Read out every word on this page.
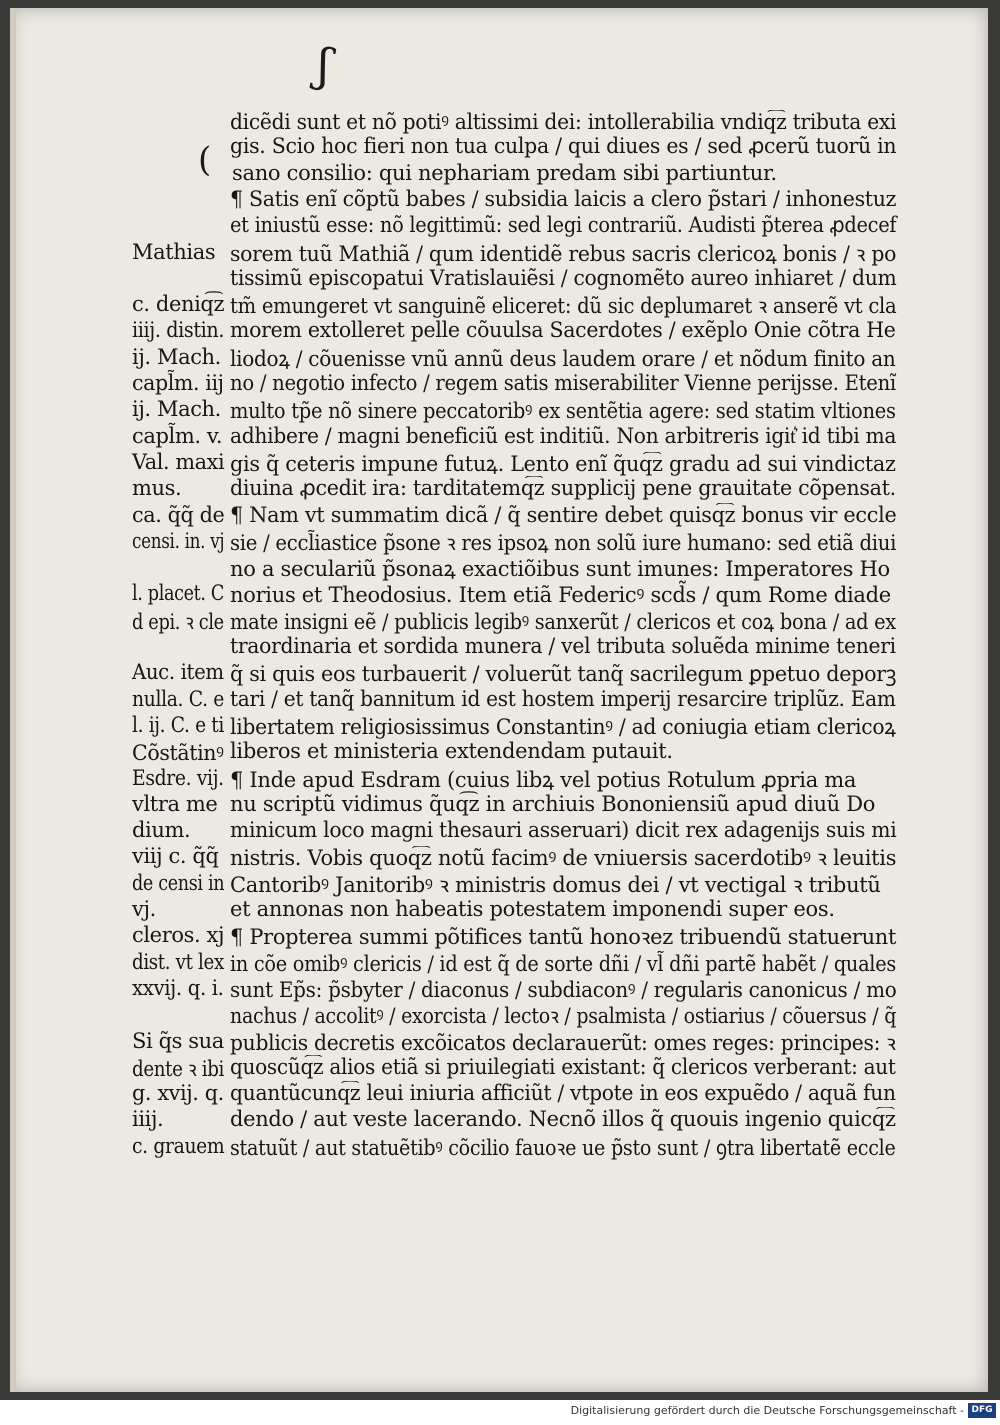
ʃ
(
dicẽdi sunt et nõ potiꝰ altissimi dei: intollerabilia vndiq͡z tributa exi
gis. Scio hoc fieri non tua culpa / qui diues es / sed ꝓcerũ tuorũ in
sano consilio: qui nephariam predam sibi partiuntur.
¶ Satis enĩ cõptũ babes / subsidia laicis a clero p̃stari / inhonestuz
et iniustũ esse: nõ legittimũ: sed legi contrariũ. Audisti p̃terea ꝓdecef
sorem tuũ Mathiã / qum identidẽ rebus sacris clericoꝝ bonis / ꝛ po
tissimũ episcopatui Vratislauiẽsi / cognomẽto aureo inhiaret / dum
tm̃ emungeret vt sanguinẽ eliceret: dũ sic deplumaret ꝛ anserẽ vt cla
morem extolleret pelle cõuulsa Sacerdotes / exẽplo Onie cõtra He
liodoꝝ / cõuenisse vnũ annũ deus laudem orare / et nõdum finito an
no / negotio infecto / regem satis miserabiliter Vienne perijsse. Etenĩ
multo tp̃e nõ sinere peccatoribꝰ ex sentẽtia agere: sed statim vltiones
adhibere / magni beneficiũ est inditiũ. Non arbitreris igit͛ id tibi ma
gis q̃ ceteris impune futuꝝ. Lento enĩ q̃uq͡z gradu ad sui vindictaz
diuina ꝓcedit ira: tarditatemq͡z supplicij pene grauitate cõpensat.
¶ Nam vt summatim dicã / q̃ sentire debet quisq͡z bonus vir eccle
sie / eccl̃iastice p̃sone ꝛ res ipsoꝝ non solũ iure humano: sed etiã diui
no a seculariũ p̃sonaꝝ exactiõibus sunt imunes: Imperatores Ho
norius et Theodosius. Item etiã Federicꝰ scd̃s / qum Rome diade
mate insigni eẽ / publicis legibꝰ sanxerũt / clericos et coꝝ bona / ad ex
traordinaria et sordida munera / vel tributa soluẽda minime teneri
q̃ si quis eos turbauerit / voluerũt tanq̃ sacrilegum ꝑpetuo deporꝫ
tari / et tanq̃ bannitum id est hostem imperij resarcire triplũz. Eam
libertatem religiosissimus Constantinꝰ / ad coniugia etiam clericoꝝ
liberos et ministeria extendendam putauit.
¶ Inde apud Esdram (cuius libꝝ vel potius Rotulum ꝓpria ma
nu scriptũ vidimus q̃uq͡z in archiuis Bononiensiũ apud diuũ Do
minicum loco magni thesauri asseruari) dicit rex adagenijs suis mi
nistris. Vobis quoq͡z notũ facimꝰ de vniuersis sacerdotibꝰ ꝛ leuitis
Cantoribꝰ Janitoribꝰ ꝛ ministris domus dei / vt vectigal ꝛ tributũ
et annonas non habeatis potestatem imponendi super eos.
¶ Propterea summi põtifices tantũ honoꝛez tribuendũ statuerunt
in cõe omibꝰ clericis / id est q̃ de sorte dñi / vl̃ dñi partẽ habẽt / quales
sunt Ep̃s: p̃sbyter / diaconus / subdiaconꝰ / regularis canonicus / mo
nachus / accolitꝰ / exorcista / lectoꝛ / psalmista / ostiarius / cõuersus / q̃
publicis decretis excõicatos declarauerũt: omes reges: principes: ꝛ
quoscũq͡z alios etiã si priuilegiati existant: q̃ clericos verberant: aut
quantũcunq͡z leui iniuria afficiũt / vtpote in eos expuẽdo / aquã fun
dendo / aut veste lacerando. Necnõ illos q̃ quouis ingenio quicq͡z
statuũt / aut statuẽtibꝰ cõcilio fauoꝛe ue p̃sto sunt / ꝯtra libertatẽ eccle
Mathias
c. deniq͡z
iiij. distin.
ij. Mach.
capl̃m. iij
ij. Mach.
capl̃m. v.
Val. maxi
mus.
ca. q̃q̃ de
censi. in. vj
l. placet. C
d epi. ꝛ cle
Auc. item
nulla. C. e
l. ij. C. e ti
Cõstãtinꝰ
Esdre. vij.
vltra me
dium.
viij c. q̃q̃
de censi in
vj.
cleros. xj
dist. vt lex
xxvij. q. i.
Si q̃s sua
dente ꝛ ibi
g. xvij. q.
iiij.
c. grauem
Digitalisierung gefördert durch die Deutsche Forschungsgemeinschaft - DFG
